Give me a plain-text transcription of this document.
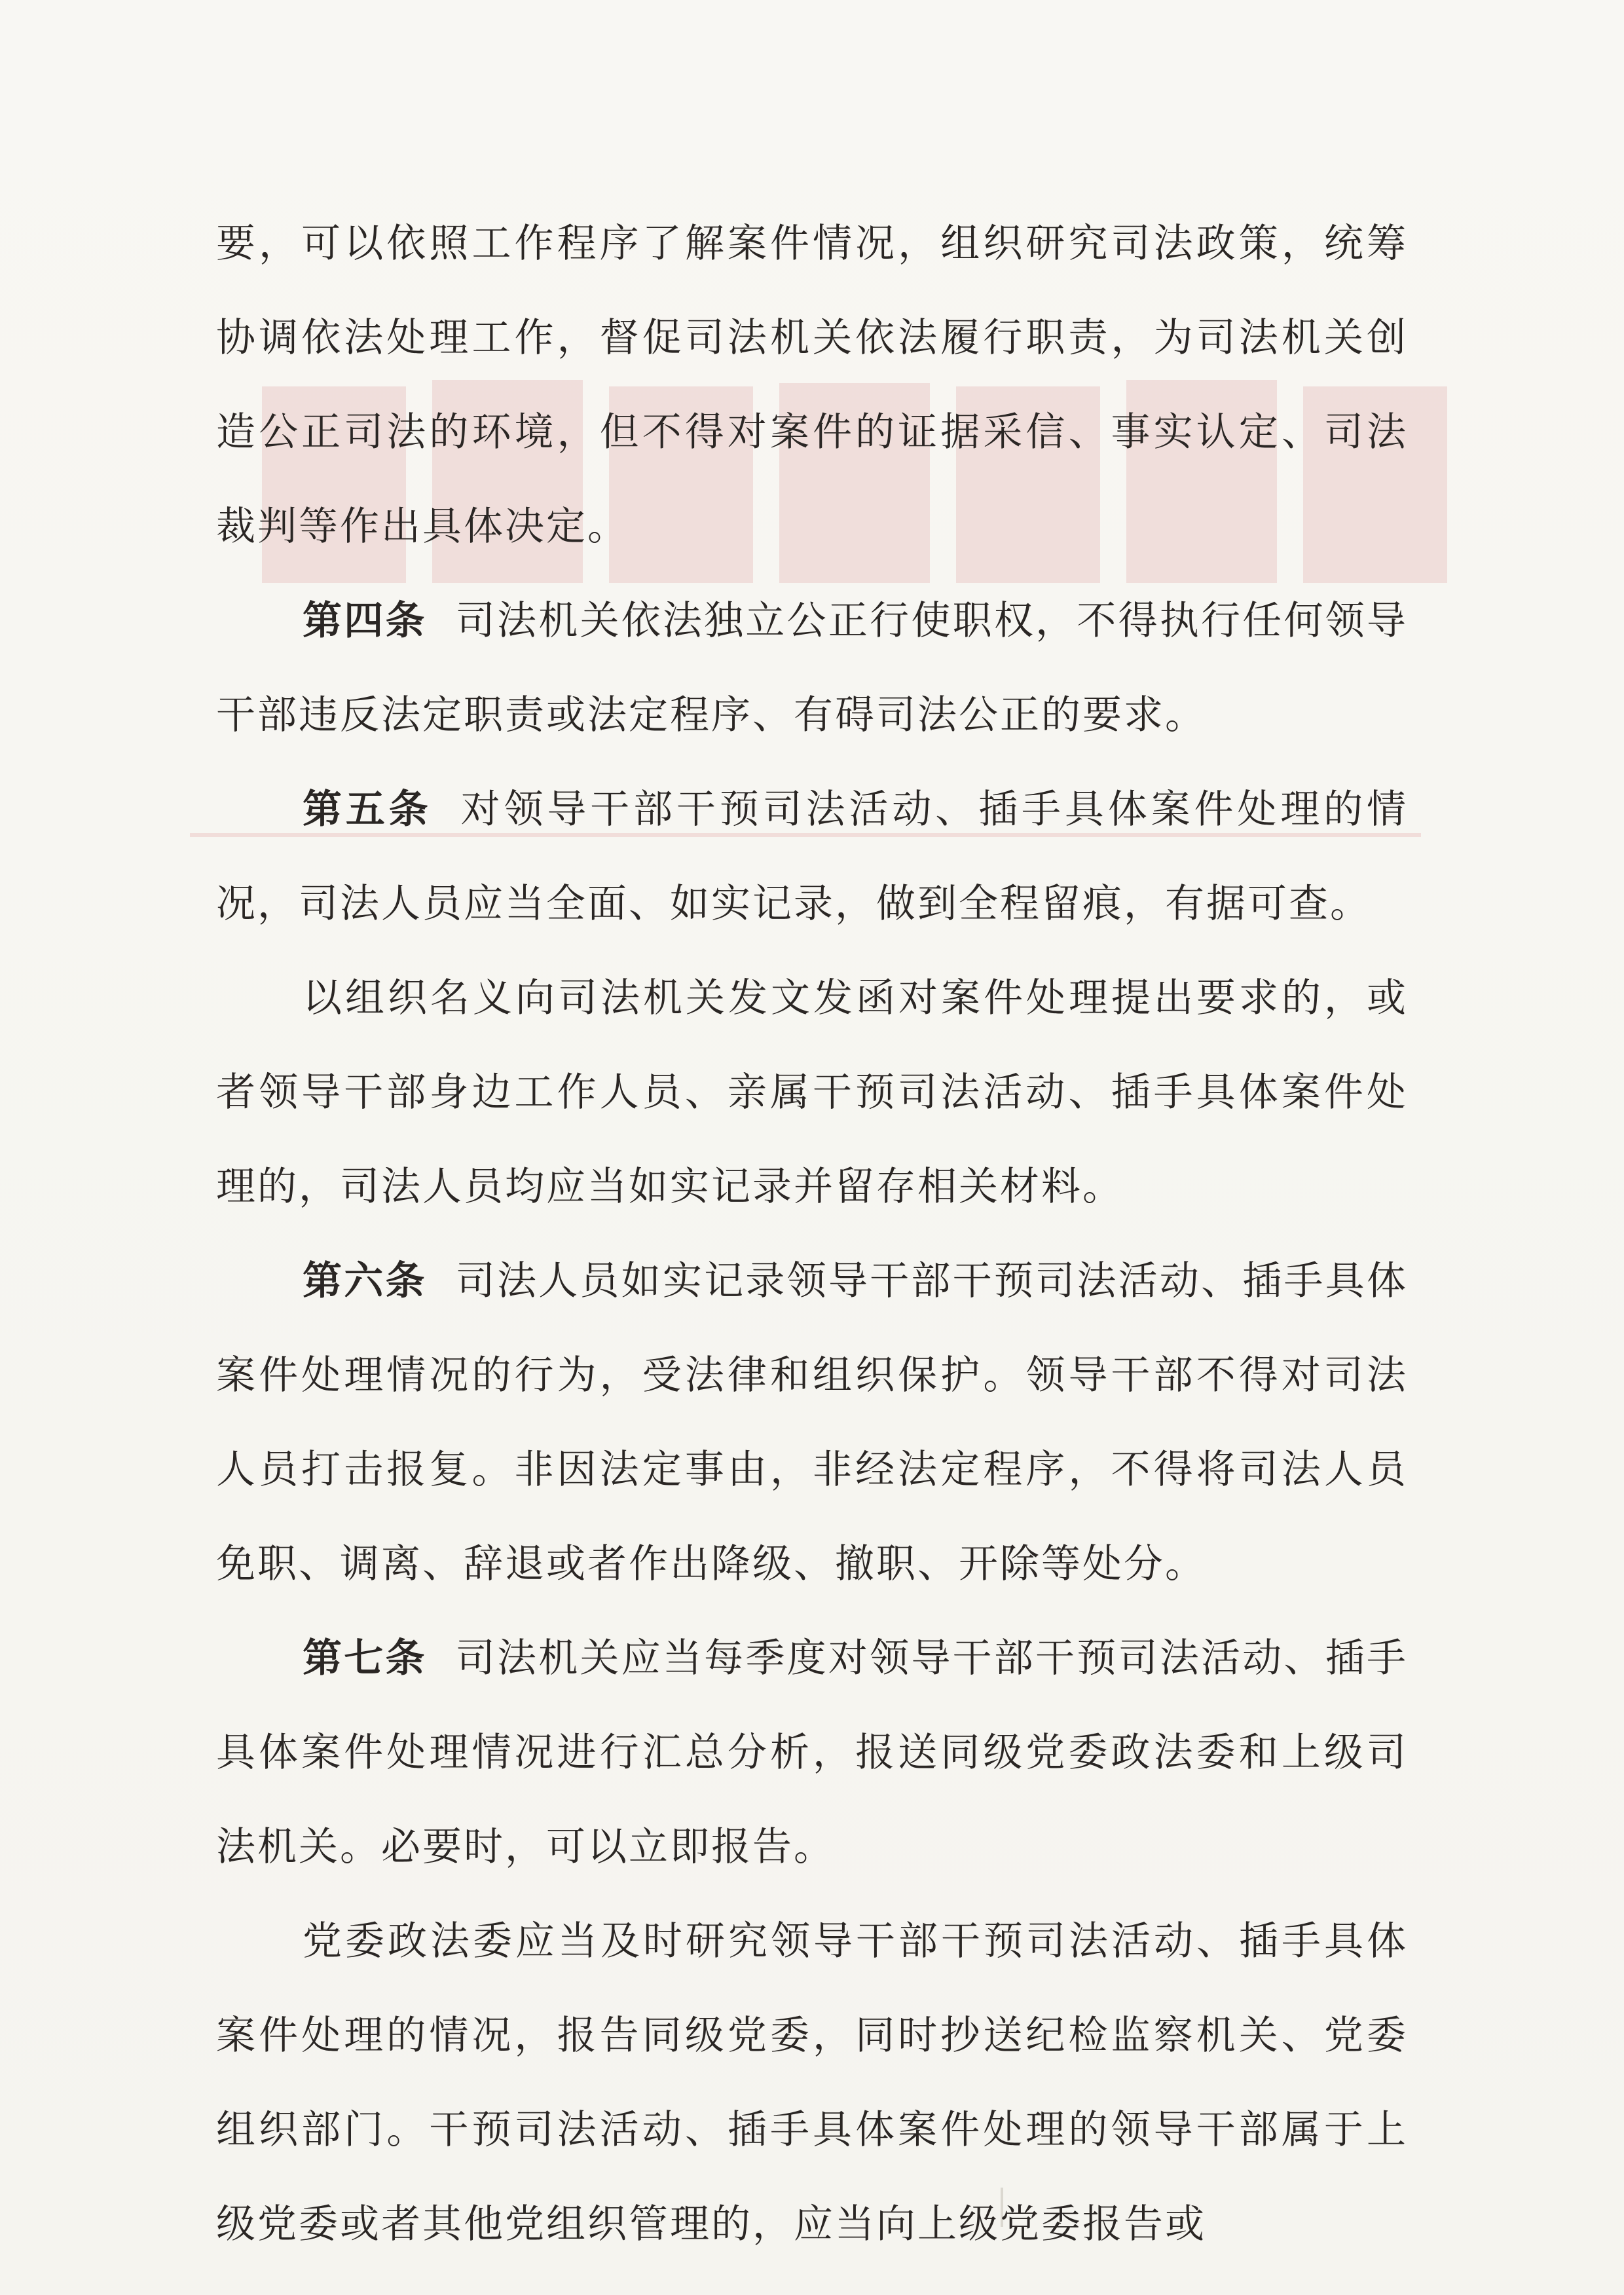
要，可以依照工作程序了解案件情况，组织研究司法政策，统筹协调依法处理工作，督促司法机关依法履行职责，为司法机关创造公正司法的环境，但不得对案件的证据采信、事实认定、司法裁判等作出具体决定。

第四条 司法机关依法独立公正行使职权，不得执行任何领导干部违反法定职责或法定程序、有碍司法公正的要求。

第五条 对领导干部干预司法活动、插手具体案件处理的情况，司法人员应当全面、如实记录，做到全程留痕，有据可查。

以组织名义向司法机关发文发函对案件处理提出要求的，或者领导干部身边工作人员、亲属干预司法活动、插手具体案件处理的，司法人员均应当如实记录并留存相关材料。

第六条 司法人员如实记录领导干部干预司法活动、插手具体案件处理情况的行为，受法律和组织保护。领导干部不得对司法人员打击报复。非因法定事由，非经法定程序，不得将司法人员免职、调离、辞退或者作出降级、撤职、开除等处分。

第七条 司法机关应当每季度对领导干部干预司法活动、插手具体案件处理情况进行汇总分析，报送同级党委政法委和上级司法机关。必要时，可以立即报告。

党委政法委应当及时研究领导干部干预司法活动、插手具体案件处理的情况，报告同级党委，同时抄送纪检监察机关、党委组织部门。干预司法活动、插手具体案件处理的领导干部属于上级党委或者其他党组织管理的，应当向上级党委报告或
